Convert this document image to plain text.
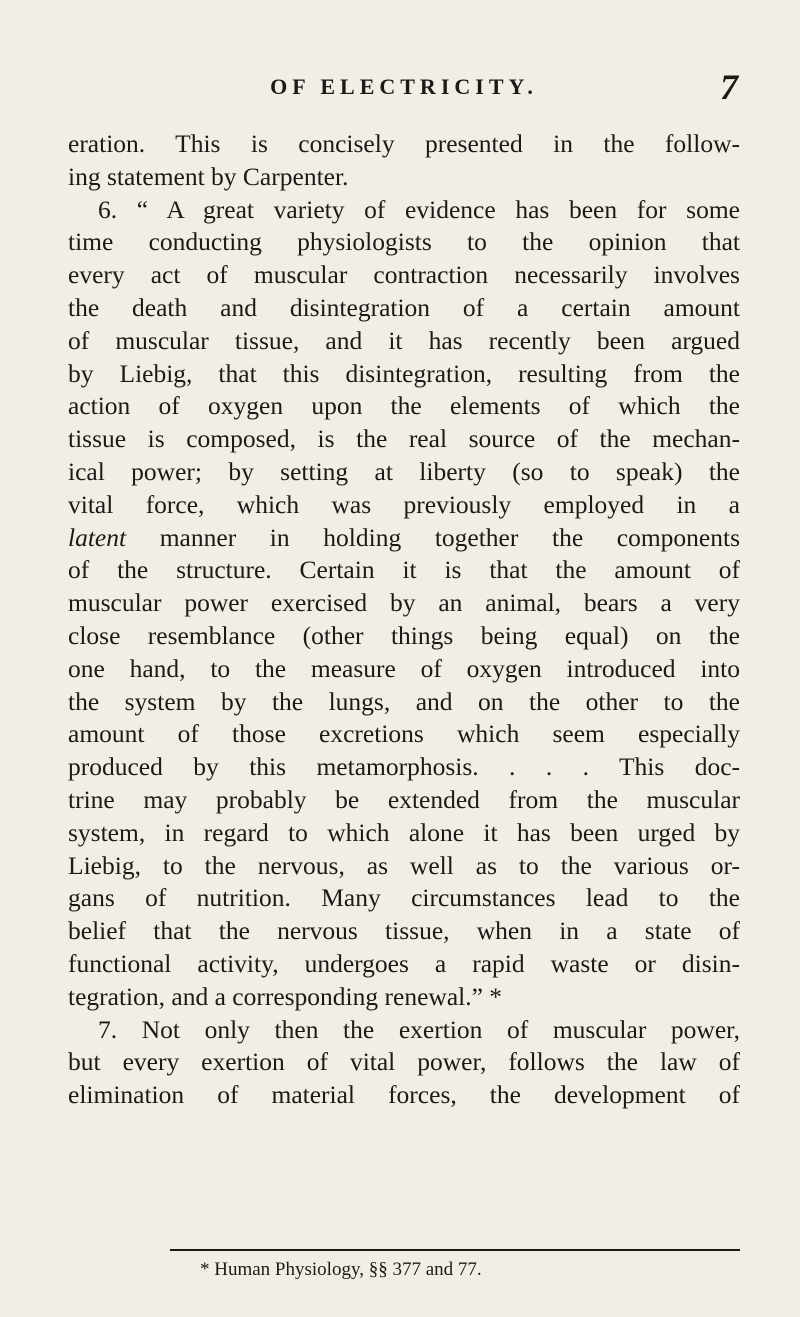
OF ELECTRICITY.	7
eration. This is concisely presented in the follow-
ing statement by Carpenter.
6. “ A great variety of evidence has been for some
time conducting physiologists to the opinion that
every act of muscular contraction necessarily involves
the death and disintegration of a certain amount
of muscular tissue, and it has recently been argued
by Liebig, that this disintegration, resulting from the
action of oxygen upon the elements of which the
tissue is composed, is the real source of the mechan-
ical power; by setting at liberty (so to speak) the
vital force, which was previously employed in a
latent manner in holding together the components
of the structure. Certain it is that the amount of
muscular power exercised by an animal, bears a very
close resemblance (other things being equal) on the
one hand, to the measure of oxygen introduced into
the system by the lungs, and on the other to the
amount of those excretions which seem especially
produced by this metamorphosis. . . . This doc-
trine may probably be extended from the muscular
system, in regard to which alone it has been urged by
Liebig, to the nervous, as well as to the various or-
gans of nutrition. Many circumstances lead to the
belief that the nervous tissue, when in a state of
functional activity, undergoes a rapid waste or disin-
tegration, and a corresponding renewal.” *
7. Not only then the exertion of muscular power,
but every exertion of vital power, follows the law of
elimination of material forces, the development of
* Human Physiology, §§ 377 and 77.
